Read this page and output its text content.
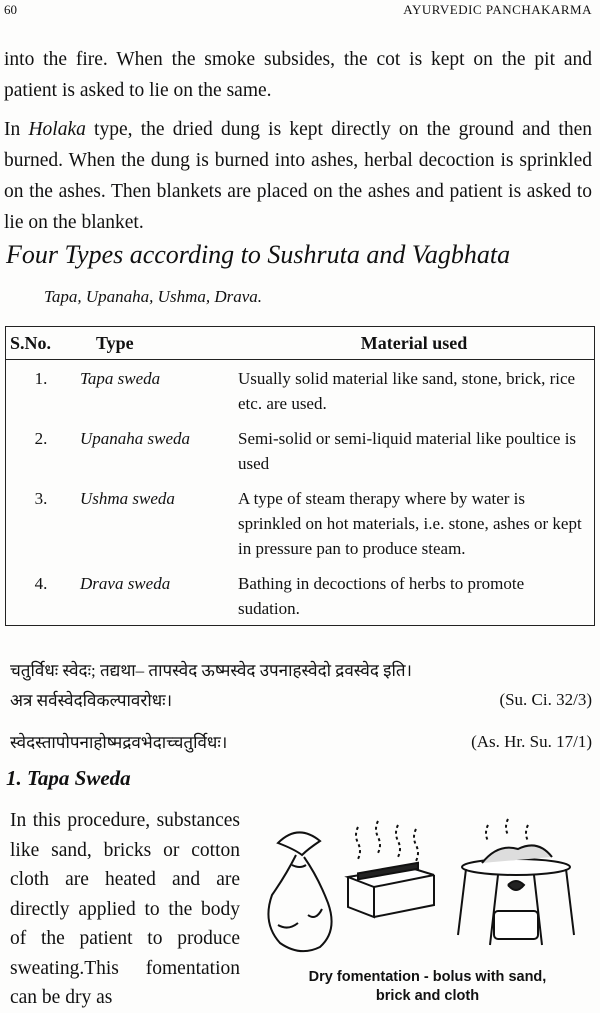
60	AYURVEDIC PANCHAKARMA
into the fire. When the smoke subsides, the cot is kept on the pit and patient is asked to lie on the same.
In Holaka type, the dried dung is kept directly on the ground and then burned. When the dung is burned into ashes, herbal decoction is sprinkled on the ashes. Then blankets are placed on the ashes and patient is asked to lie on the blanket.
Four Types according to Sushruta and Vagbhata
Tapa, Upanaha, Ushma, Drava.
S.No.	Type	Material used
1.	Tapa sweda	Usually solid material like sand, stone, brick, rice etc. are used.
2.	Upanaha sweda	Semi-solid or semi-liquid material like poultice is used
3.	Ushma sweda	A type of steam therapy where by water is sprinkled on hot materials, i.e. stone, ashes or kept in pressure pan to produce steam.
4.	Drava sweda	Bathing in decoctions of herbs to promote sudation.
चतुर्विधः स्वेदः; तद्यथा– तापस्वेद ऊष्मस्वेद उपनाहस्वेदो द्रवस्वेद इति।
अत्र सर्वस्वेदविकल्पावरोधः।	(Su. Ci. 32/3)
स्वेदस्तापोपनाहोष्मद्रवभेदाच्चतुर्विधः।	(As. Hr. Su. 17/1)
1. Tapa Sweda
In this procedure, substances like sand, bricks or cotton cloth are heated and are directly applied to the body of the patient to produce sweating.This fomentation can be dry as
Dry fomentation - bolus with sand,
brick and cloth
